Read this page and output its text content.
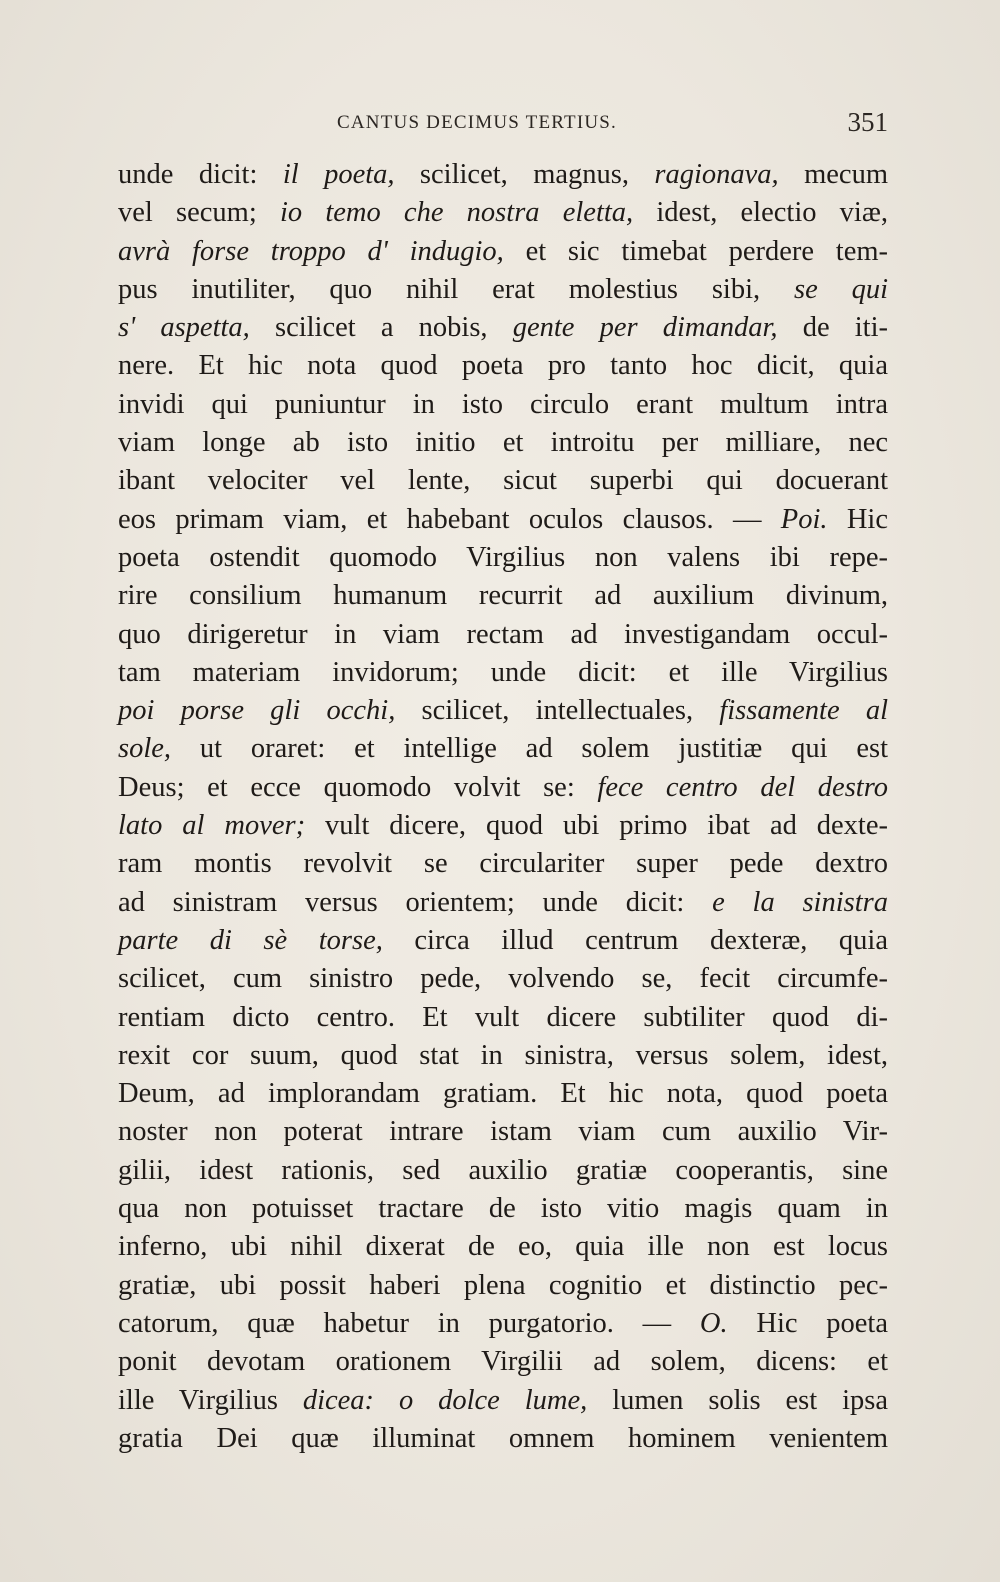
CANTUS DECIMUS TERTIUS.	351
unde dicit: il poeta, scilicet, magnus, ragionava, mecum
vel secum; io temo che nostra eletta, idest, electio viæ,
avrà forse troppo d' indugio, et sic timebat perdere tem-
pus inutiliter, quo nihil erat molestius sibi, se qui
s' aspetta, scilicet a nobis, gente per dimandar, de iti-
nere. Et hic nota quod poeta pro tanto hoc dicit, quia
invidi qui puniuntur in isto circulo erant multum intra
viam longe ab isto initio et introitu per milliare, nec
ibant velociter vel lente, sicut superbi qui docuerant
eos primam viam, et habebant oculos clausos. — Poi. Hic
poeta ostendit quomodo Virgilius non valens ibi repe-
rire consilium humanum recurrit ad auxilium divinum,
quo dirigeretur in viam rectam ad investigandam occul-
tam materiam invidorum; unde dicit: et ille Virgilius
poi porse gli occhi, scilicet, intellectuales, fissamente al
sole, ut oraret: et intellige ad solem justitiæ qui est
Deus; et ecce quomodo volvit se: fece centro del destro
lato al mover; vult dicere, quod ubi primo ibat ad dexte-
ram montis revolvit se circulariter super pede dextro
ad sinistram versus orientem; unde dicit: e la sinistra
parte di sè torse, circa illud centrum dexteræ, quia
scilicet, cum sinistro pede, volvendo se, fecit circumfe-
rentiam dicto centro. Et vult dicere subtiliter quod di-
rexit cor suum, quod stat in sinistra, versus solem, idest,
Deum, ad implorandam gratiam. Et hic nota, quod poeta
noster non poterat intrare istam viam cum auxilio Vir-
gilii, idest rationis, sed auxilio gratiæ cooperantis, sine
qua non potuisset tractare de isto vitio magis quam in
inferno, ubi nihil dixerat de eo, quia ille non est locus
gratiæ, ubi possit haberi plena cognitio et distinctio pec-
catorum, quæ habetur in purgatorio. — O. Hic poeta
ponit devotam orationem Virgilii ad solem, dicens: et
ille Virgilius dicea: o dolce lume, lumen solis est ipsa
gratia Dei quæ illuminat omnem hominem venientem
